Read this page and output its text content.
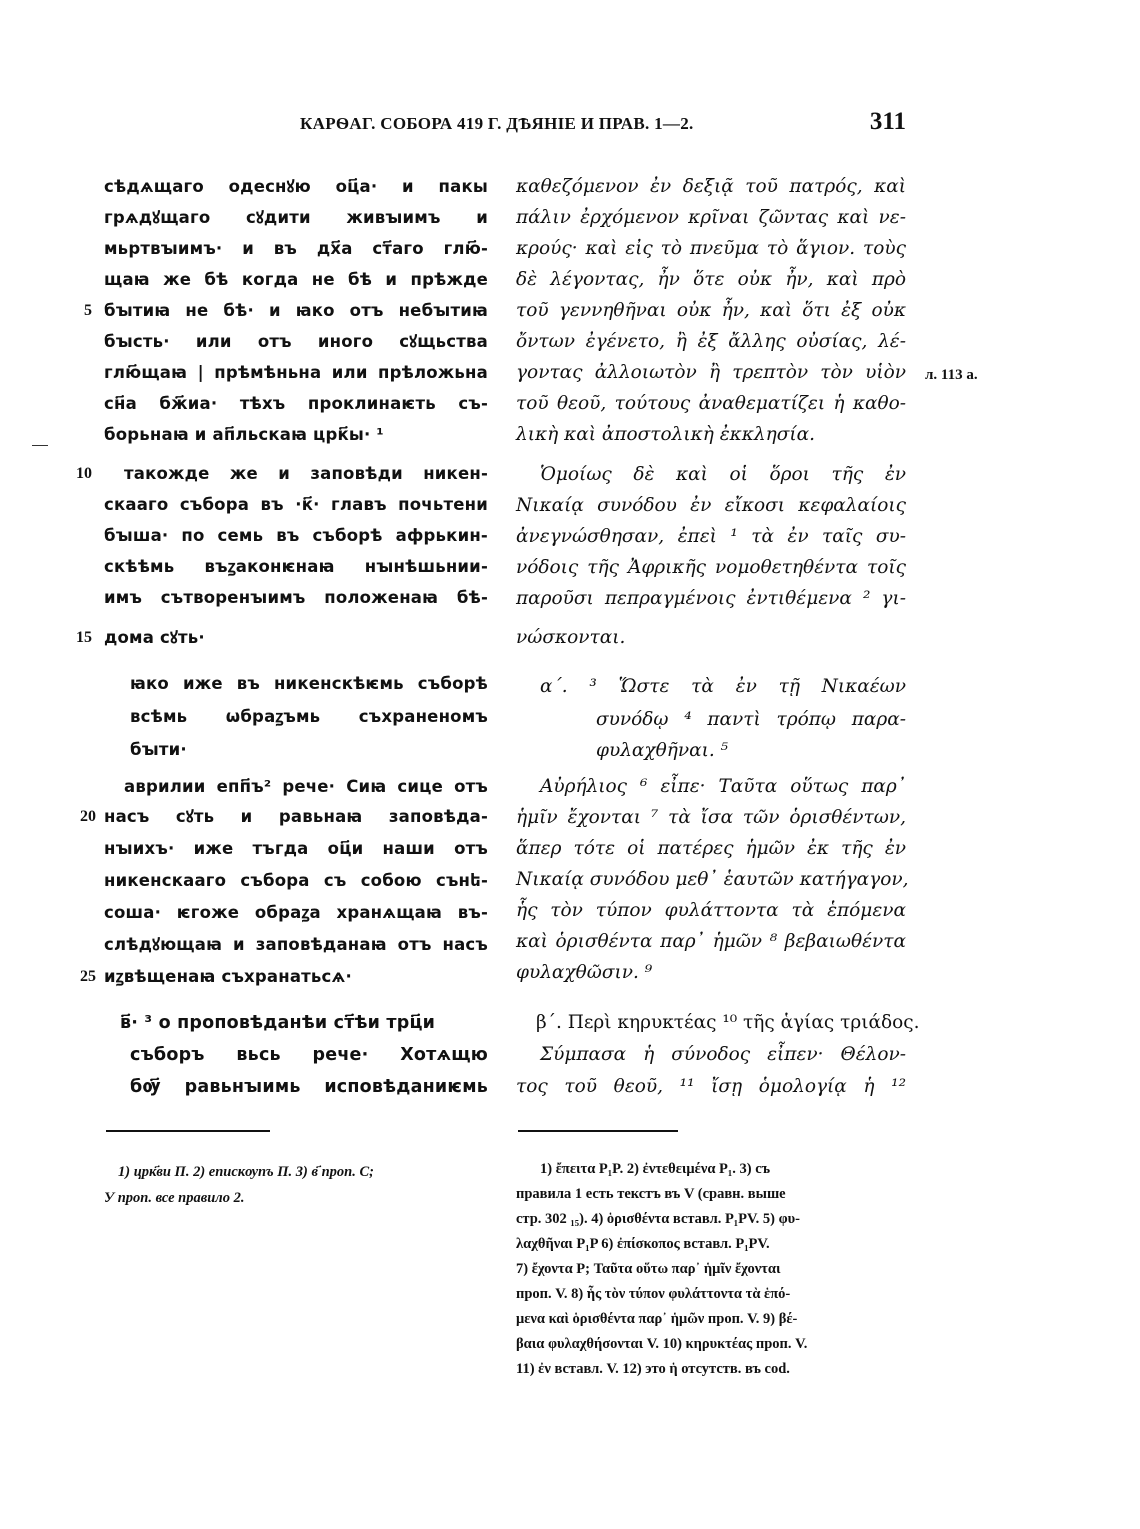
КАРѲАГ. СОБОРА 419 Г. ДѢЯНIЕ И ПРАВ. 1—2.	311
сѣдѧщаго одеснꙋю оц҃а· и пакы
грѧдꙋщаго сꙋдити живꙑимъ и
мьртвꙑимъ· и въ дх҃а ст҃аго глю҃-
щаꙗ же бѣ когда не бѣ и прѣжде
бꙑтиꙗ не бѣ· и ꙗко отъ небꙑтиꙗ
бꙑсть· или отъ иного сꙋщьства
глю҃щаꙗ | прѣмѣньна или прѣложьна
сн҃а бж҃иа· тѣхъ проклинаѥть съ-
борьнаꙗ и ап҃льскаꙗ црк҃ы· ¹
такожде же и заповѣди никен-
скааго събора въ ·к҃· главъ почьтени
бꙑша· по семь въ съборѣ афрькин-
скѣѣмь въꙁаконѥнаꙗ нꙑнѣшьнии-
имъ сътворенꙑимъ положенаꙗ бѣ-
дома сꙋть·
ꙗко иже въ никенскѣѥмь съборѣ
всѣмь ѡбраꙁъмь съхраненомъ
бꙑти·
аврилии епп҃ъ² рече· Сиꙗ сице отъ
насъ сꙋть и равьнаꙗ заповѣда-
нꙑихъ· иже тъгда оц҃и наши отъ
никенскааго събора съ собою сънե-
соша· ѥгоже обраꙁа хранѧщаꙗ въ-
слѣдꙋющаꙗ и заповѣданаꙗ отъ насъ
иꙁвѣщенаꙗ съхранатьсѧ·
в҃· ³ о проповѣданѣи ст҃ѣи трц҃и
съборъ вьсь рече· Хотѧщю
бѹ҃ равьнꙑимь исповѣданиѥмь
5
10
15
20
25
καθεζόμενον ἐν δεξιᾷ τοῦ πατρός, καὶ
πάλιν ἐρχόμενον κρῖναι ζῶντας καὶ νε-
κρούς· καὶ εἰς τὸ πνεῦμα τὸ ἅγιον. τοὺς
δὲ λέγοντας, ἦν ὅτε οὐκ ἦν, καὶ πρὸ
τοῦ γεννηθῆναι οὐκ ἦν, καὶ ὅτι ἐξ οὐκ
ὄντων ἐγένετο, ἢ ἐξ ἄλλης οὐσίας, λέ-
γοντας ἀλλοιωτὸν ἢ τρεπτὸν τὸν υἱὸν
τοῦ θεοῦ, τούτους ἀναθεματίζει ἡ καθο-
λικὴ καὶ ἀποστολικὴ ἐκκλησία.
Ὁμοίως δὲ καὶ οἱ ὅροι τῆς ἐν
Νικαίᾳ συνόδου ἐν εἴκοσι κεφαλαίοις
ἀνεγνώσθησαν, ἐπεὶ ¹ τὰ ἐν ταῖς συ-
νόδοις τῆς Ἀφρικῆς νομοθετηθέντα τοῖς
παροῦσι πεπραγμένοις ἐντιθέμενα ² γι-
νώσκονται.
α΄. ³ Ὥστε τὰ ἐν τῇ Νικαέων
συνόδῳ ⁴ παντὶ τρόπῳ παρα-
φυλαχθῆναι. ⁵
Αὐρήλιος ⁶ εἶπε· Ταῦτα οὕτως παρ᾽
ἡμῖν ἔχονται ⁷ τὰ ἴσα τῶν ὁρισθέντων,
ἅπερ τότε οἱ πατέρες ἡμῶν ἐκ τῆς ἐν
Νικαίᾳ συνόδου μεθ᾽ ἑαυτῶν κατήγαγον,
ἧς τὸν τύπον φυλάττοντα τὰ ἑπόμενα
καὶ ὁρισθέντα παρ᾽ ἡμῶν ⁸ βεβαιωθέντα
φυλαχθῶσιν. ⁹
β΄. Περὶ κηρυκτέας ¹⁰ τῆς ἁγίας τριάδος.
Σύμπασα ἡ σύνοδος εἶπεν· Θέλον-
τος τοῦ θεοῦ, ¹¹ ἴσῃ ὁμολογίᾳ ἡ ¹²
л. 113 а.
1) црк҃ви П. 2) епискѹпъ П. 3) в҃ проп. С;
У проп. все правило 2.
1) ἔπειτα P₁P. 2) ἐντεθειμένα P₁. 3) съ
правила 1 есть текстъ въ V (сравн. выше
стр. 302 ₁₅). 4) ὁρισθέντα вставл. P₁PV. 5) φυ-
λαχθῆναι P₁P 6) ἐπίσκοπος вставл. P₁PV.
7) ἔχοντα P; Ταῦτα οὕτω παρ᾽ ἡμῖν ἔχονται
проп. V. 8) ἧς τὸν τύπον φυλάττοντα τὰ ἑπό-
μενα καὶ ὁρισθέντα παρ᾽ ἡμῶν проп. V. 9) βέ-
βαια φυλαχθήσονται V. 10) κηρυκτέας проп. V.
11) ἐν вставл. V. 12) это ἡ отсутств. въ cod.
